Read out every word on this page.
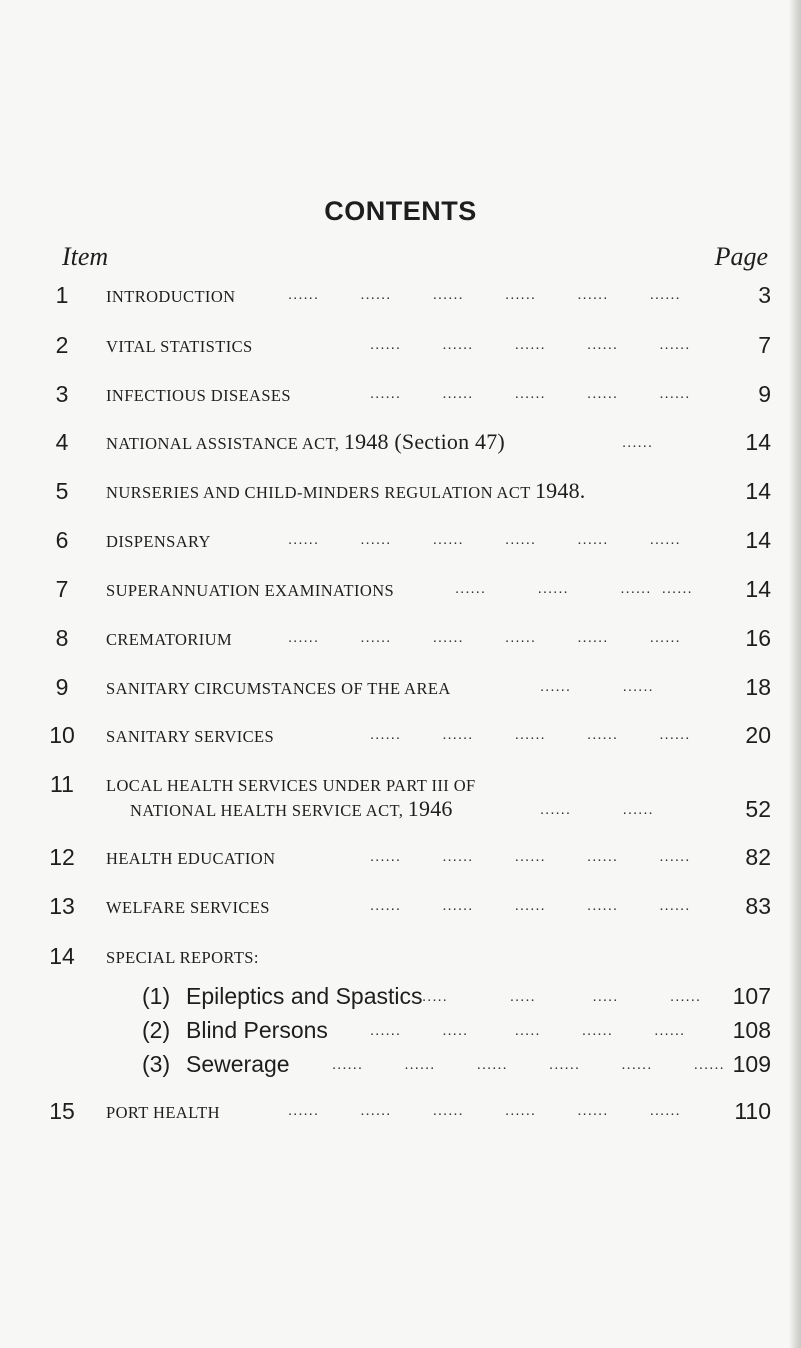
CONTENTS
Item	Page
1	INTRODUCTION	......        ......        ......        ......        ......        ......	3
2	VITAL STATISTICS	......        ......        ......        ......        ......	7
3	INFECTIOUS DISEASES	......        ......        ......        ......        ......	9
4	NATIONAL ASSISTANCE ACT, 1948 (Section 47)	......	14
5	NURSERIES AND CHILD-MINDERS REGULATION ACT 1948.	14
6	DISPENSARY	......        ......        ......        ......        ......        ......	14
7	SUPERANNUATION EXAMINATIONS	......          ......          ......  ......	14
8	CREMATORIUM	......        ......        ......        ......        ......        ......	16
9	SANITARY CIRCUMSTANCES OF THE AREA	......          ......	18
10	SANITARY SERVICES	......        ......        ......        ......        ......	20
11	LOCAL HEALTH SERVICES UNDER PART III OF
NATIONAL HEALTH SERVICE ACT, 1946	......          ......	52
12	HEALTH EDUCATION	......        ......        ......        ......        ......	82
13	WELFARE SERVICES	......        ......        ......        ......        ......	83
14	SPECIAL REPORTS:
(1) Epileptics and Spastics .....            .....           .....          ......	107
(2) Blind Persons	......        .....         .....        ......        ......	108
(3) Sewerage	......        ......        ......        ......        ......        ...... 109
15	PORT HEALTH	......        ......        ......        ......        ......        ......	110
